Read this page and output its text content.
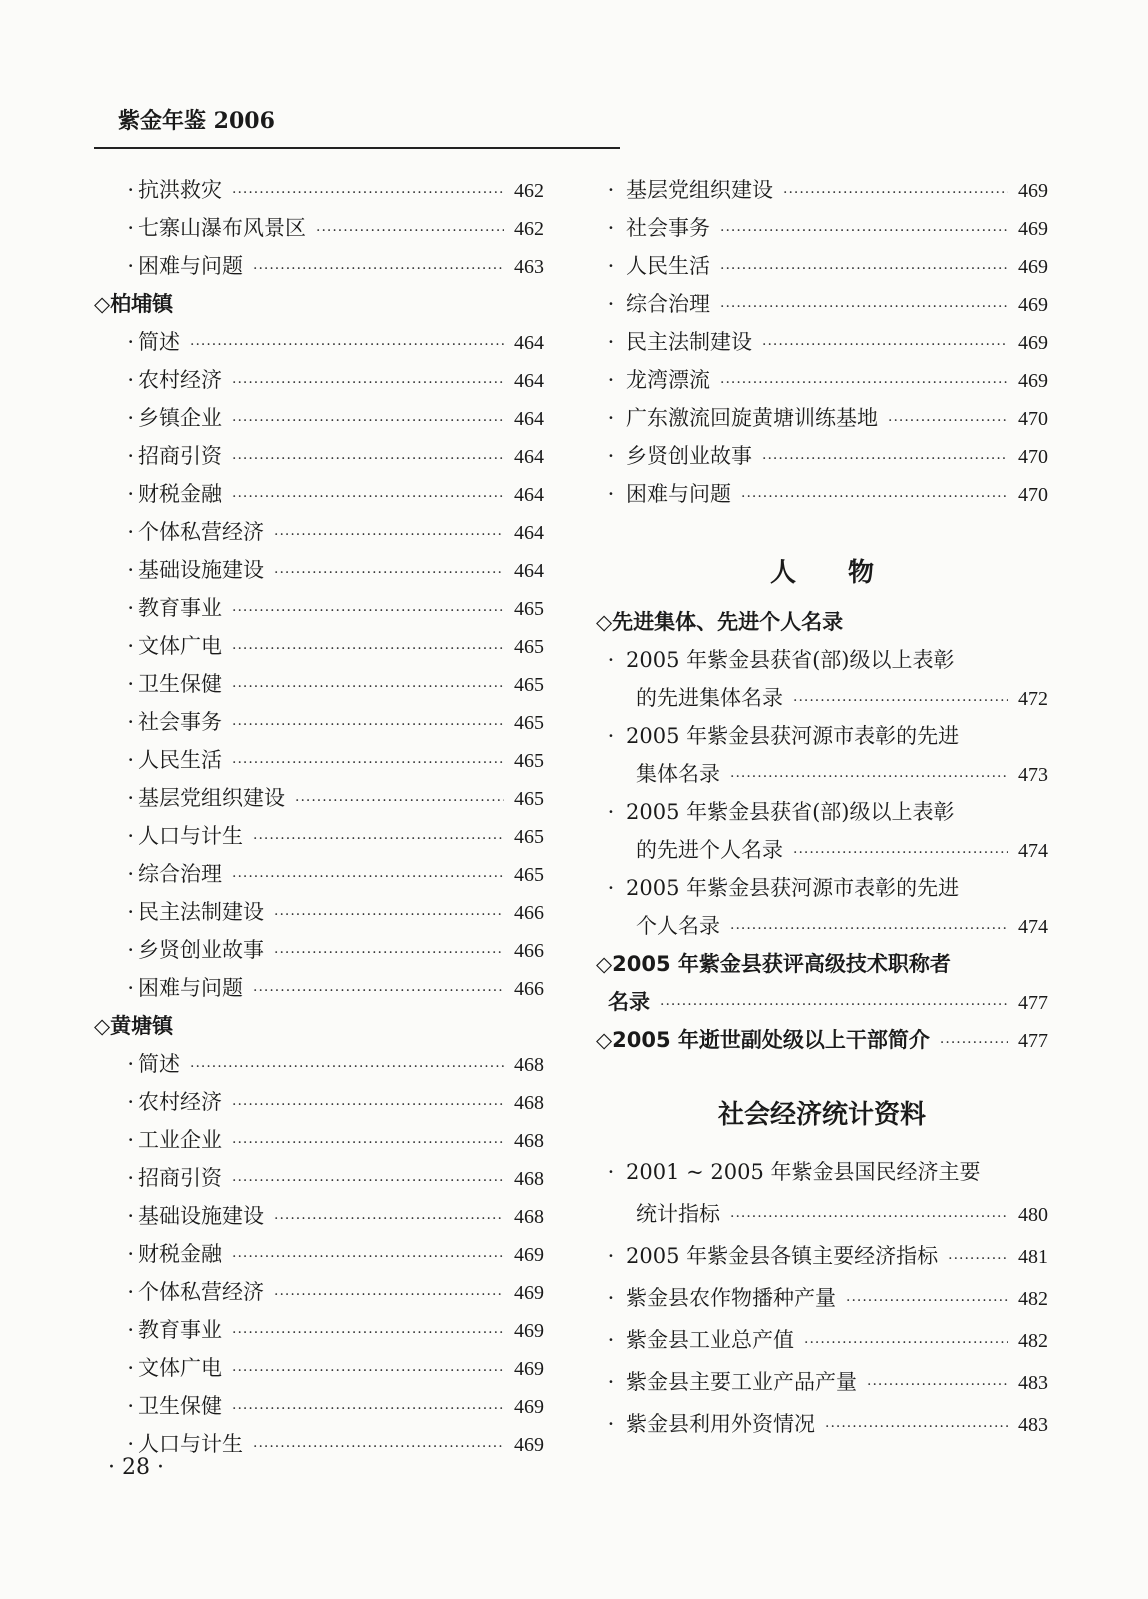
紫金年鉴 2006
· 抗洪救灾 ·····	462
· 七寨山瀑布风景区 ·····	462
· 困难与问题 ·····	463
◇柏埔镇
· 简述 ·····	464
· 农村经济 ·····	464
· 乡镇企业 ·····	464
· 招商引资 ·····	464
· 财税金融 ·····	464
· 个体私营经济 ·····	464
· 基础设施建设 ·····	464
· 教育事业 ·····	465
· 文体广电 ·····	465
· 卫生保健 ·····	465
· 社会事务 ·····	465
· 人民生活 ·····	465
· 基层党组织建设 ·····	465
· 人口与计生 ·····	465
· 综合治理 ·····	465
· 民主法制建设 ·····	466
· 乡贤创业故事 ·····	466
· 困难与问题 ·····	466
◇黄塘镇
· 简述 ·····	468
· 农村经济 ·····	468
· 工业企业 ·····	468
· 招商引资 ·····	468
· 基础设施建设 ·····	468
· 财税金融 ·····	469
· 个体私营经济 ·····	469
· 教育事业 ·····	469
· 文体广电 ·····	469
· 卫生保健 ·····	469
· 人口与计生 ·····	469
· 基层党组织建设 ·····	469
· 社会事务 ·····	469
· 人民生活 ·····	469
· 综合治理 ·····	469
· 民主法制建设 ·····	469
· 龙湾漂流 ·····	469
· 广东激流回旋黄塘训练基地 ·····	470
· 乡贤创业故事 ·····	470
· 困难与问题 ·····	470
人　　物
◇先进集体、先进个人名录
· 2005 年紫金县获省(部)级以上表彰
的先进集体名录 ·····	472
· 2005 年紫金县获河源市表彰的先进
集体名录 ·····	473
· 2005 年紫金县获省(部)级以上表彰
的先进个人名录 ·····	474
· 2005 年紫金县获河源市表彰的先进
个人名录 ·····	474
◇2005 年紫金县获评高级技术职称者
名录 ·····	477
◇2005 年逝世副处级以上干部简介 ·····	477
社会经济统计资料
· 2001 ~ 2005 年紫金县国民经济主要
统计指标 ·····	480
· 2005 年紫金县各镇主要经济指标 ·····	481
· 紫金县农作物播种产量 ·····	482
· 紫金县工业总产值 ·····	482
· 紫金县主要工业产品产量 ·····	483
· 紫金县利用外资情况 ·····	483
· 28 ·
